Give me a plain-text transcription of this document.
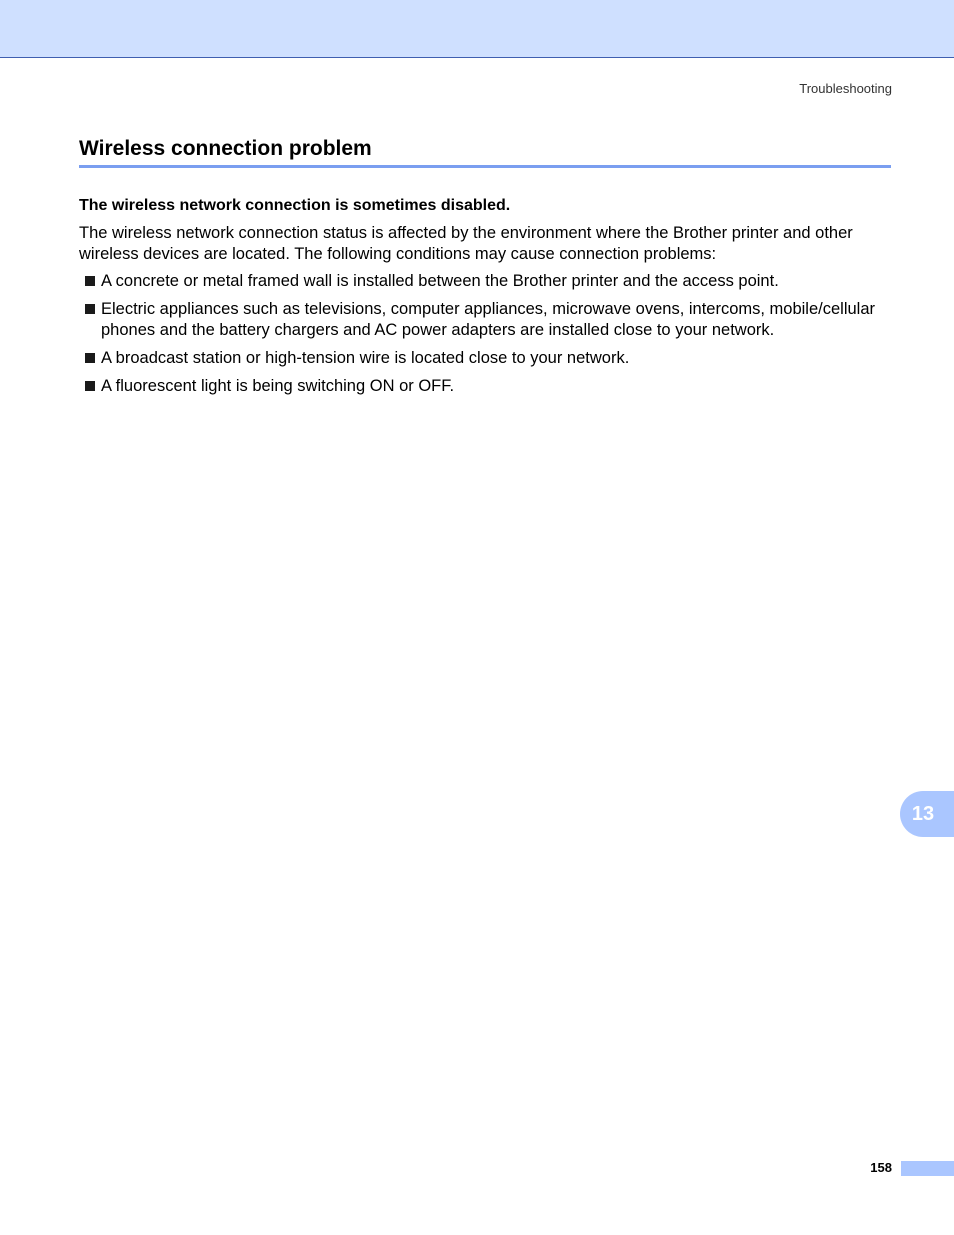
Troubleshooting
Wireless connection problem
The wireless network connection is sometimes disabled.

The wireless network connection status is affected by the environment where the Brother printer and other wireless devices are located. The following conditions may cause connection problems:

A concrete or metal framed wall is installed between the Brother printer and the access point.
Electric appliances such as televisions, computer appliances, microwave ovens, intercoms, mobile/cellular phones and the battery chargers and AC power adapters are installed close to your network.
A broadcast station or high-tension wire is located close to your network.
A fluorescent light is being switching ON or OFF.
13
158
